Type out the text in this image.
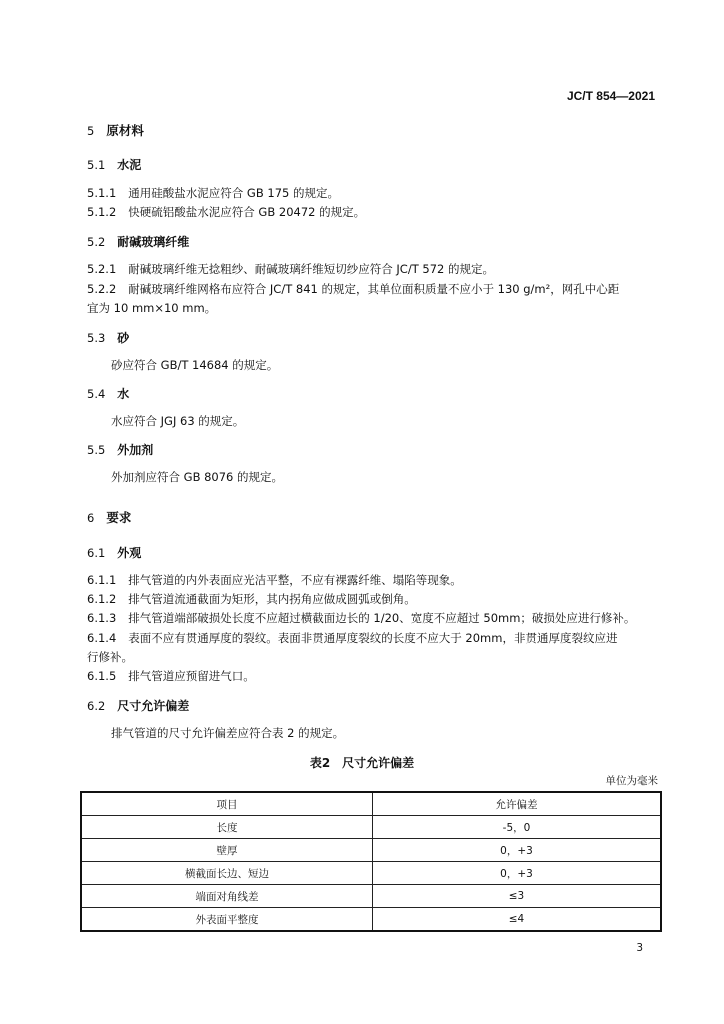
JC/T 854—2021
5 原材料
5.1 水泥
5.1.1 通用硅酸盐水泥应符合 GB 175 的规定。
5.1.2 快硬硫铝酸盐水泥应符合 GB 20472 的规定。
5.2 耐碱玻璃纤维
5.2.1 耐碱玻璃纤维无捻粗纱、耐碱玻璃纤维短切纱应符合 JC/T 572 的规定。
5.2.2 耐碱玻璃纤维网格布应符合 JC/T 841 的规定，其单位面积质量不应小于 130 g/m²，网孔中心距
宜为 10 mm×10 mm。
5.3 砂
砂应符合 GB/T 14684 的规定。
5.4 水
水应符合 JGJ 63 的规定。
5.5 外加剂
外加剂应符合 GB 8076 的规定。
6 要求
6.1 外观
6.1.1 排气管道的内外表面应光洁平整，不应有裸露纤维、塌陷等现象。
6.1.2 排气管道流通截面为矩形，其内拐角应做成圆弧或倒角。
6.1.3 排气管道端部破损处长度不应超过横截面边长的 1/20、宽度不应超过 50mm；破损处应进行修补。
6.1.4 表面不应有贯通厚度的裂纹。表面非贯通厚度裂纹的长度不应大于 20mm，非贯通厚度裂纹应进
行修补。
6.1.5 排气管道应预留进气口。
6.2 尺寸允许偏差
排气管道的尺寸允许偏差应符合表 2 的规定。
表2　尺寸允许偏差
单位为毫米
项目	允许偏差
长度	-5，0
壁厚	0，+3
横截面长边、短边	0，+3
端面对角线差	≤3
外表面平整度	≤4
3
